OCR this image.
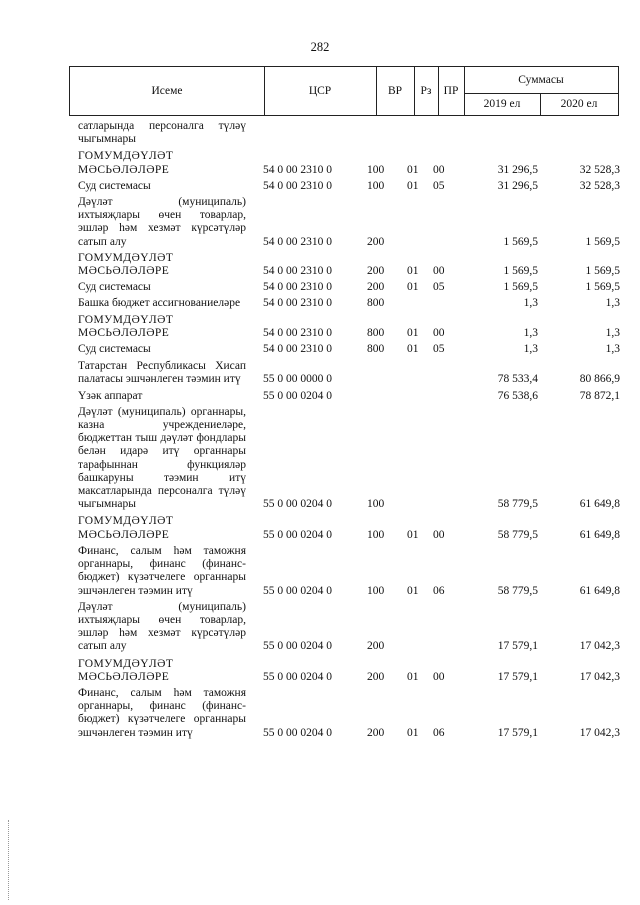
282
Исеме	ЦСР	ВР	Рз	ПР
Суммасы
2019 ел	2020 ел
сатларында персоналга түләү чыгымнары
ГОМУМДӘҮЛӘТ МӘСЬӘЛӘЛӘРЕ	54 0 00 2310 0	100 01 00	31 296,5	32 528,3
Суд системасы	54 0 00 2310 0	100 01 05	31 296,5	32 528,3
Дәүләт (муниципаль) ихтыяҗлары өчен товарлар, эшләр һәм хезмәт күрсәтүләр сатып алу	54 0 00 2310 0	200	1 569,5	1 569,5
ГОМУМДӘҮЛӘТ МӘСЬӘЛӘЛӘРЕ	54 0 00 2310 0	200 01 00	1 569,5	1 569,5
Суд системасы	54 0 00 2310 0	200 01 05	1 569,5	1 569,5
Башка бюджет ассигнованиеләре	54 0 00 2310 0	800	1,3	1,3
ГОМУМДӘҮЛӘТ МӘСЬӘЛӘЛӘРЕ	54 0 00 2310 0	800 01 00	1,3	1,3
Суд системасы	54 0 00 2310 0	800 01 05	1,3	1,3
Татарстан Республикасы Хисап палатасы эшчәнлеген тәэмин итү	55 0 00 0000 0	78 533,4	80 866,9
Үзәк аппарат	55 0 00 0204 0	76 538,6	78 872,1
Дәүләт (муниципаль) органнары, казна учреждениеләре, бюджеттан тыш дәүләт фондлары белән идарә итү органнары тарафыннан функцияләр башкаруны тәэмин итү максатларында персоналга түләү чыгымнары	55 0 00 0204 0	100	58 779,5	61 649,8
ГОМУМДӘҮЛӘТ МӘСЬӘЛӘЛӘРЕ	55 0 00 0204 0	100 01 00	58 779,5	61 649,8
Финанс, салым һәм таможня органнары, финанс (финанс-бюджет) күзәтчелеге органнары эшчәнлеген тәэмин итү	55 0 00 0204 0	100 01 06	58 779,5	61 649,8
Дәүләт (муниципаль) ихтыяҗлары өчен товарлар, эшләр һәм хезмәт күрсәтүләр сатып алу	55 0 00 0204 0	200	17 579,1	17 042,3
ГОМУМДӘҮЛӘТ МӘСЬӘЛӘЛӘРЕ	55 0 00 0204 0	200 01 00	17 579,1	17 042,3
Финанс, салым һәм таможня органнары, финанс (финанс-бюджет) күзәтчелеге органнары эшчәнлеген тәэмин итү	55 0 00 0204 0	200 01 06	17 579,1	17 042,3
